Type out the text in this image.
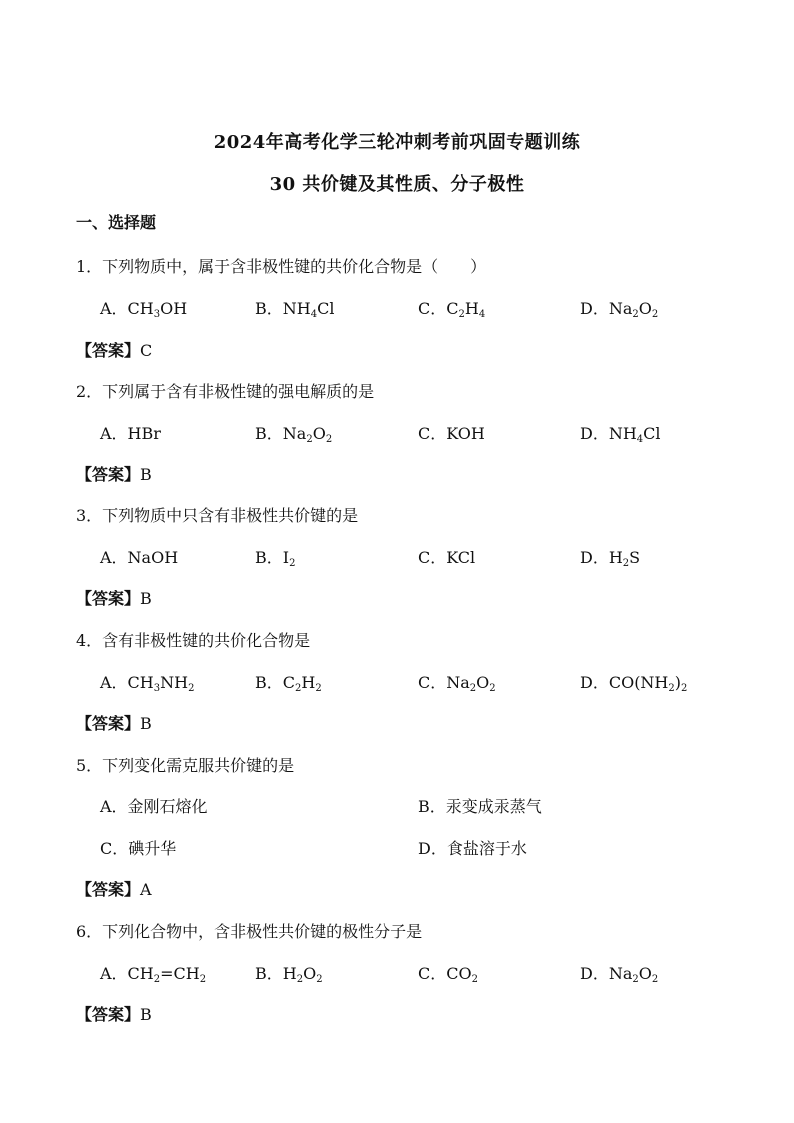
2024年高考化学三轮冲刺考前巩固专题训练
30 共价键及其性质、分子极性
一、选择题
1．下列物质中，属于含非极性键的共价化合物是（　　）
A．$CH_3OH$	B．$NH_4Cl$	C．$C_2H_4$	D．$Na_2O_2$
【答案】C
2．下列属于含有非极性键的强电解质的是
A．HBr	B．$Na_2O_2$	C．KOH	D．$NH_4Cl$
【答案】B
3．下列物质中只含有非极性共价键的是
A．NaOH	B．$I_2$	C．KCl	D．$H_2S$
【答案】B
4．含有非极性键的共价化合物是
A．$CH_3NH_2$	B．$C_2H_2$	C．$Na_2O_2$	D．$CO(NH_2)_2$
【答案】B
5．下列变化需克服共价键的是
A．金刚石熔化	B．汞变成汞蒸气
C．碘升华	D．食盐溶于水
【答案】A
6．下列化合物中，含非极性共价键的极性分子是
A．$CH_2=CH_2$	B．$H_2O_2$	C．$CO_2$	D．$Na_2O_2$
【答案】B
